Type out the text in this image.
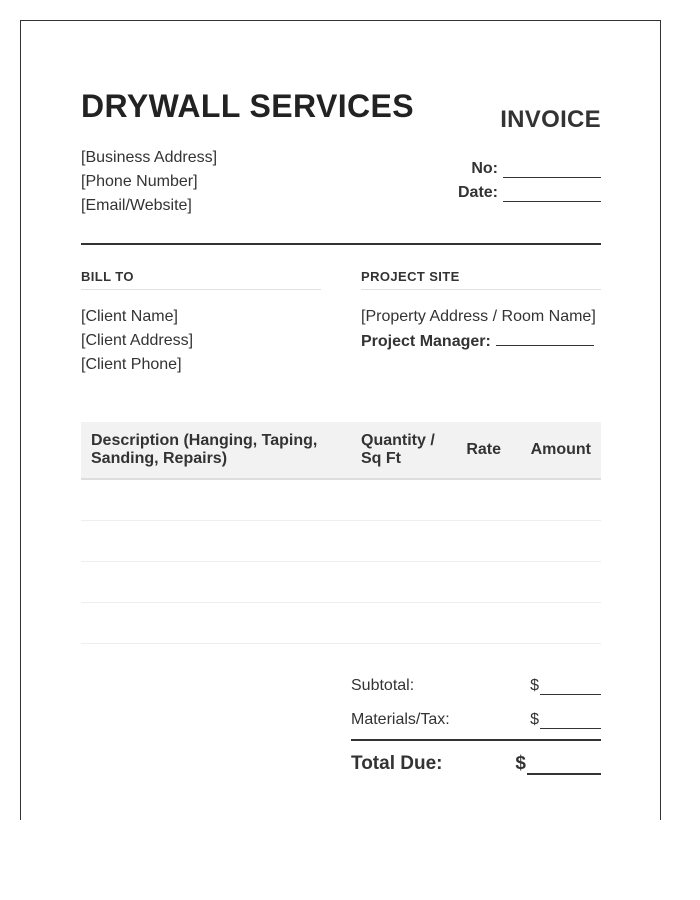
DRYWALL SERVICES	INVOICE
[Business Address]
[Phone Number]
[Email/Website]
No:
Date:
BILL TO	PROJECT SITE
[Client Name]
[Client Address]
[Client Phone]
[Property Address / Room Name]
Project Manager:
Description (Hanging, Taping, Sanding, Repairs)	Quantity / Sq Ft	Rate	Amount

Subtotal:	$
Materials/Tax:	$
Total Due:	$
